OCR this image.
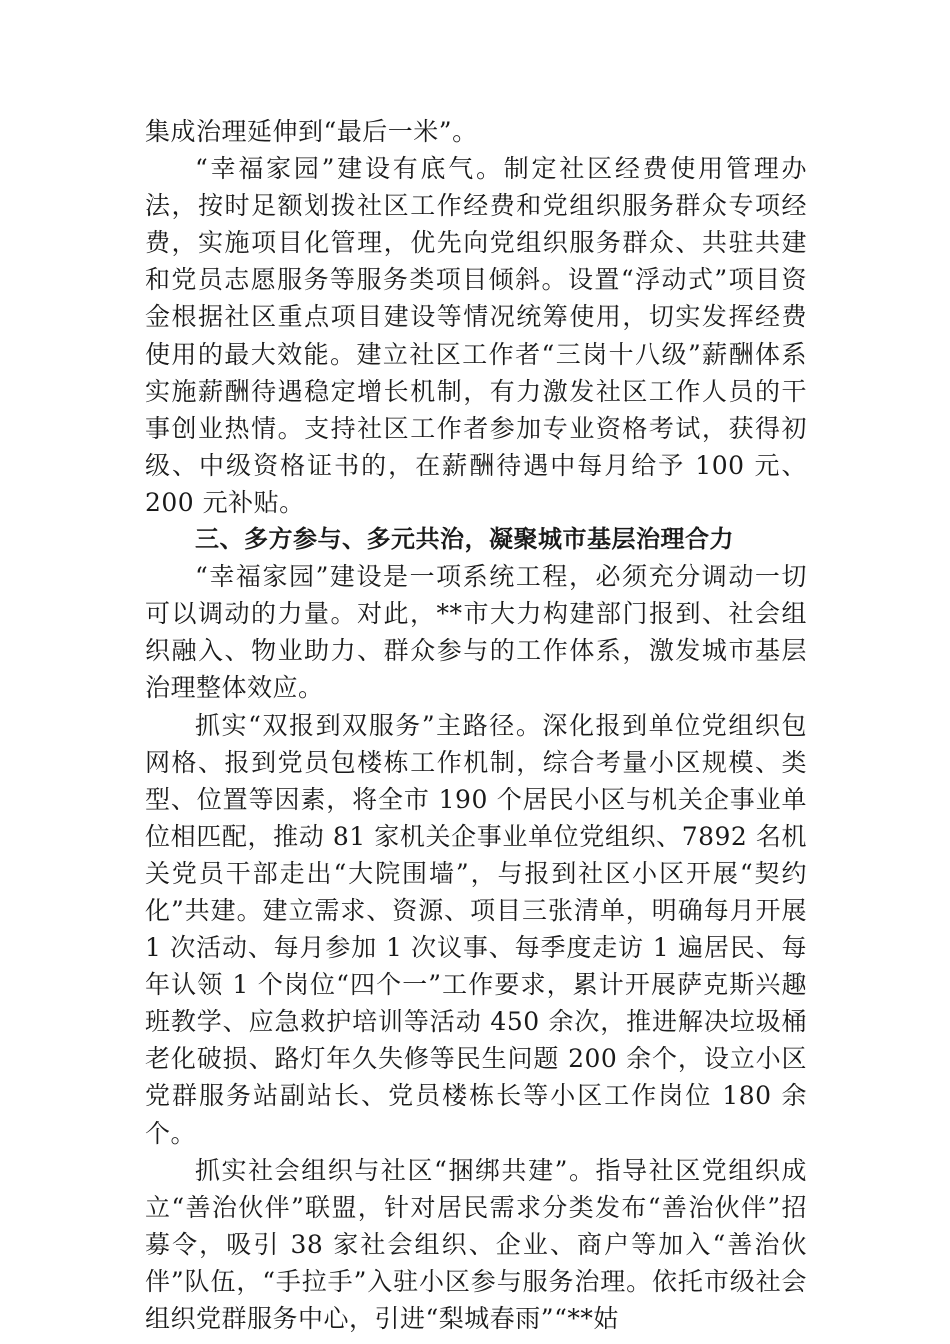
集成治理延伸到“最后一米”。

“幸福家园”建设有底气。制定社区经费使用管理办法，按时足额划拨社区工作经费和党组织服务群众专项经费，实施项目化管理，优先向党组织服务群众、共驻共建和党员志愿服务等服务类项目倾斜。设置“浮动式”项目资金根据社区重点项目建设等情况统筹使用，切实发挥经费使用的最大效能。建立社区工作者“三岗十八级”薪酬体系实施薪酬待遇稳定增长机制，有力激发社区工作人员的干事创业热情。支持社区工作者参加专业资格考试，获得初级、中级资格证书的，在薪酬待遇中每月给予 100 元、200 元补贴。

三、多方参与、多元共治，凝聚城市基层治理合力

“幸福家园”建设是一项系统工程，必须充分调动一切可以调动的力量。对此，**市大力构建部门报到、社会组织融入、物业助力、群众参与的工作体系，激发城市基层治理整体效应。

抓实“双报到双服务”主路径。深化报到单位党组织包网格、报到党员包楼栋工作机制，综合考量小区规模、类型、位置等因素，将全市 190 个居民小区与机关企事业单位相匹配，推动 81 家机关企事业单位党组织、7892 名机关党员干部走出“大院围墙”，与报到社区小区开展“契约化”共建。建立需求、资源、项目三张清单，明确每月开展 1 次活动、每月参加 1 次议事、每季度走访 1 遍居民、每年认领 1 个岗位“四个一”工作要求，累计开展萨克斯兴趣班教学、应急救护培训等活动 450 余次，推进解决垃圾桶老化破损、路灯年久失修等民生问题 200 余个，设立小区党群服务站副站长、党员楼栋长等小区工作岗位 180 余个。

抓实社会组织与社区“捆绑共建”。指导社区党组织成立“善治伙伴”联盟，针对居民需求分类发布“善治伙伴”招募令，吸引 38 家社会组织、企业、商户等加入“善治伙伴”队伍，“手拉手”入驻小区参与服务治理。依托市级社会组织党群服务中心，引进“梨城春雨”“**姑
